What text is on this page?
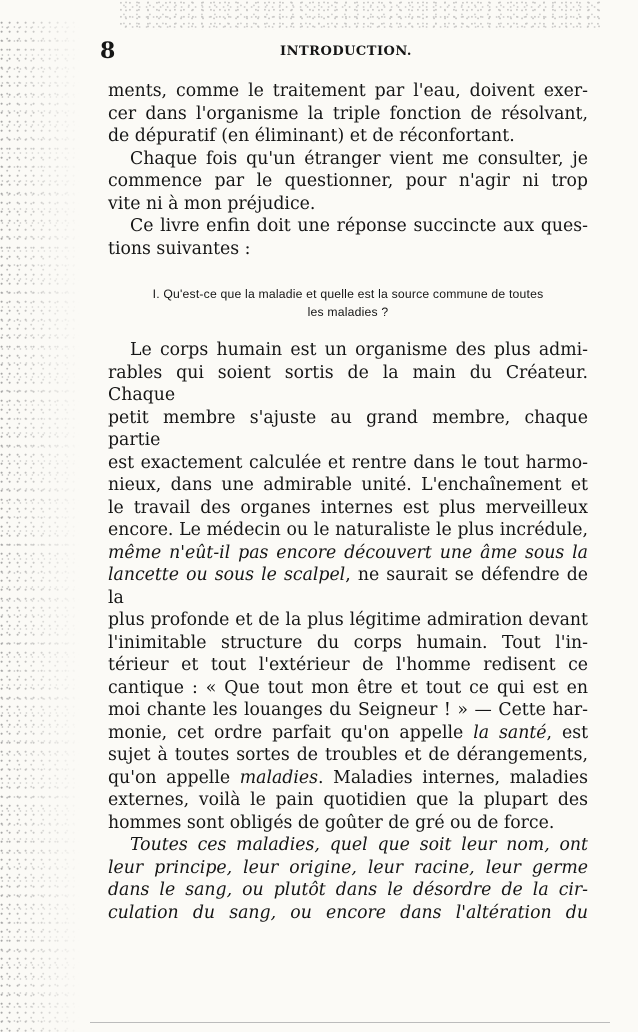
8	INTRODUCTION.

ments, comme le traitement par l'eau, doivent exer-
cer dans l'organisme la triple fonction de résolvant,
de dépuratif (en éliminant) et de réconfortant.

Chaque fois qu'un étranger vient me consulter, je
commence par le questionner, pour n'agir ni trop
vite ni à mon préjudice.

Ce livre enfin doit une réponse succincte aux ques-
tions suivantes :

I. Qu'est-ce que la maladie et quelle est la source commune de toutes
les maladies ?

Le corps humain est un organisme des plus admi-
rables qui soient sortis de la main du Créateur. Chaque
petit membre s'ajuste au grand membre, chaque partie
est exactement calculée et rentre dans le tout harmo-
nieux, dans une admirable unité. L'enchaînement et
le travail des organes internes est plus merveilleux
encore. Le médecin ou le naturaliste le plus incrédule,
même n'eût-il pas encore découvert une âme sous la
lancette ou sous le scalpel, ne saurait se défendre de la
plus profonde et de la plus légitime admiration devant
l'inimitable structure du corps humain. Tout l'in-
térieur et tout l'extérieur de l'homme redisent ce
cantique : « Que tout mon être et tout ce qui est en
moi chante les louanges du Seigneur ! » — Cette har-
monie, cet ordre parfait qu'on appelle la santé, est
sujet à toutes sortes de troubles et de dérangements,
qu'on appelle maladies. Maladies internes, maladies
externes, voilà le pain quotidien que la plupart des
hommes sont obligés de goûter de gré ou de force.

Toutes ces maladies, quel que soit leur nom, ont
leur principe, leur origine, leur racine, leur germe
dans le sang, ou plutôt dans le désordre de la cir-
culation du sang, ou encore dans l'altération du
